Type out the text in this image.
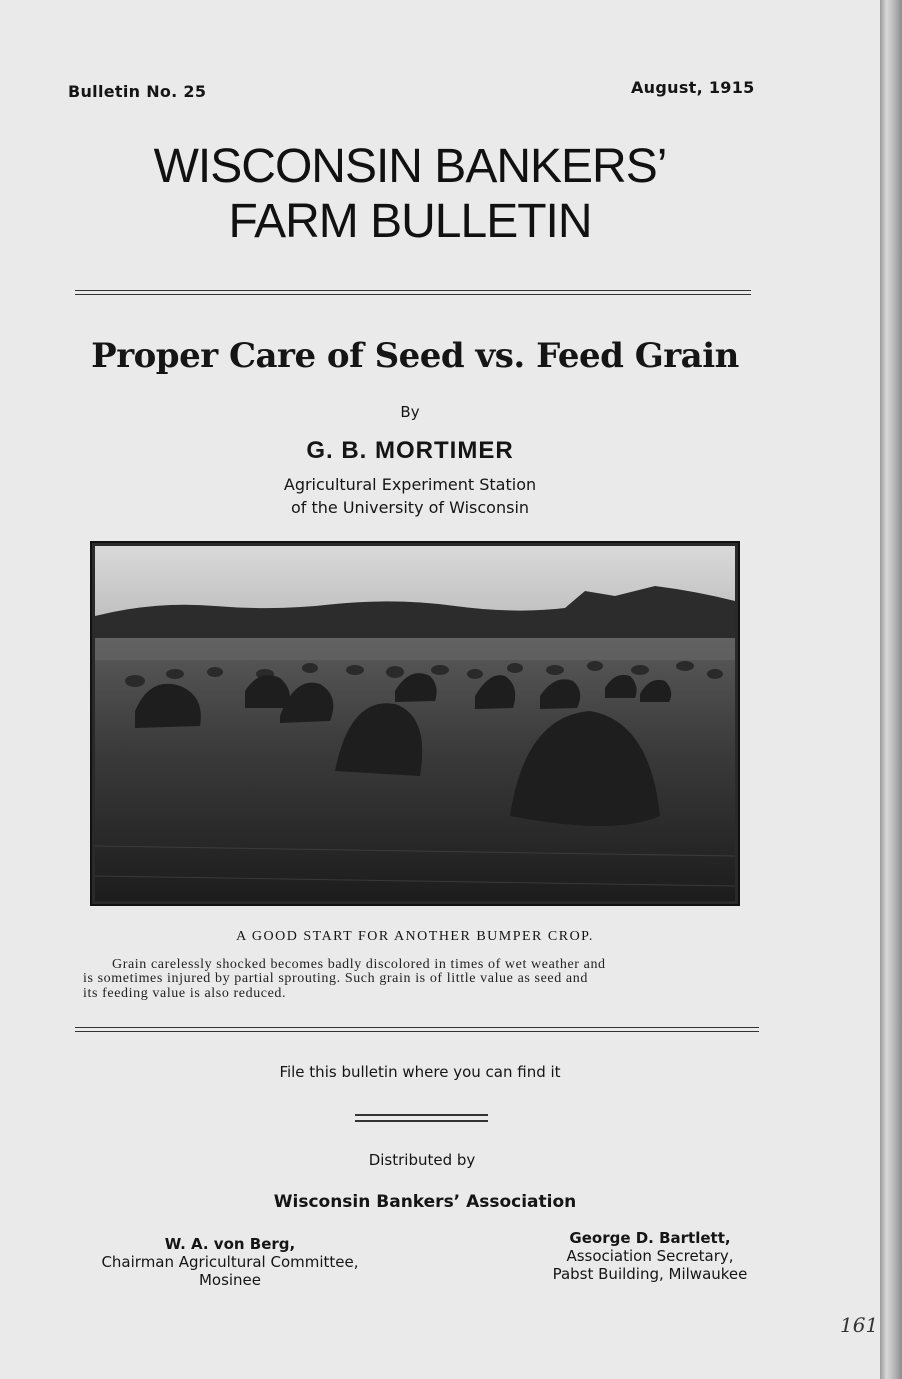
Bulletin No. 25	August, 1915
WISCONSIN BANKERS’
FARM BULLETIN
Proper Care of Seed vs. Feed Grain
By
G. B. MORTIMER
Agricultural Experiment Station
of the University of Wisconsin
A GOOD START FOR ANOTHER BUMPER CROP.
Grain carelessly shocked becomes badly discolored in times of wet weather and
is sometimes injured by partial sprouting. Such grain is of little value as seed and
its feeding value is also reduced.
File this bulletin where you can find it
Distributed by
Wisconsin Bankers’ Association
W. A. von Berg,
Chairman Agricultural Committee,
Mosinee
George D. Bartlett,
Association Secretary,
Pabst Building, Milwaukee
161
